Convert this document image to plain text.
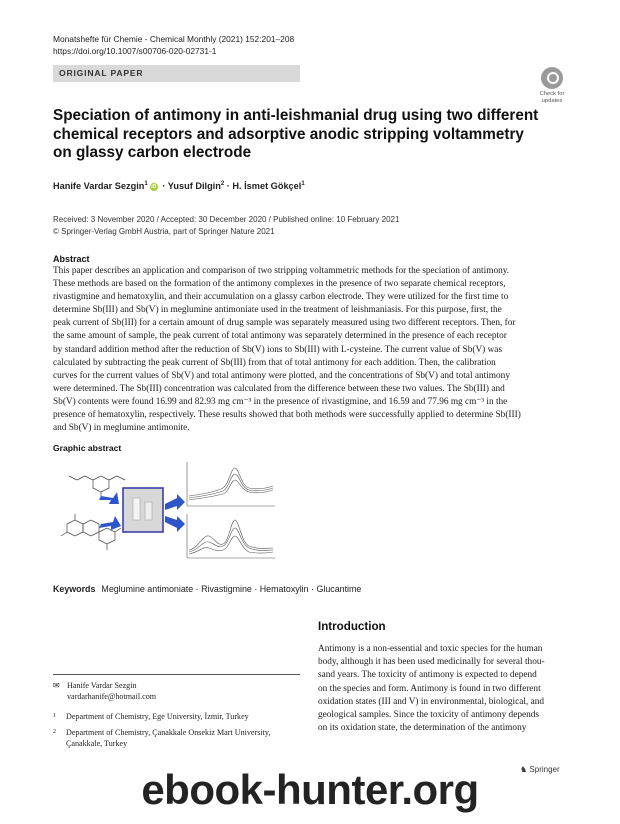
Monatshefte für Chemie - Chemical Monthly (2021) 152:201–208
https://doi.org/10.1007/s00706-020-02731-1
ORIGINAL PAPER
Check for
updates
Speciation of antimony in anti-leishmanial drug using two different
chemical receptors and adsorptive anodic stripping voltammetry
on glassy carbon electrode
Hanife Vardar Sezgin$^1$iD · Yusuf Dilgin$^2$ · H. İsmet Gökçel$^1$
Received: 3 November 2020 / Accepted: 30 December 2020 / Published online: 10 February 2021
© Springer-Verlag GmbH Austria, part of Springer Nature 2021
Abstract
This paper describes an application and comparison of two stripping voltammetric methods for the speciation of antimony.
These methods are based on the formation of the antimony complexes in the presence of two separate chemical receptors,
rivastigmine and hematoxylin, and their accumulation on a glassy carbon electrode. They were utilized for the first time to
determine Sb(III) and Sb(V) in meglumine antimoniate used in the treatment of leishmaniasis. For this purpose, first, the
peak current of Sb(III) for a certain amount of drug sample was separately measured using two different receptors. Then, for
the same amount of sample, the peak current of total antimony was separately determined in the presence of each receptor
by standard addition method after the reduction of Sb(V) ions to Sb(III) with L-cysteine. The current value of Sb(V) was
calculated by subtracting the peak current of Sb(III) from that of total antimony for each addition. Then, the calibration
curves for the current values of Sb(V) and total antimony were plotted, and the concentrations of Sb(V) and total antimony
were determined. The Sb(III) concentration was calculated from the difference between these two values. The Sb(III) and
Sb(V) contents were found 16.99 and 82.93 mg cm⁻³ in the presence of rivastigmine, and 16.59 and 77.96 mg cm⁻³ in the
presence of hematoxylin, respectively. These results showed that both methods were successfully applied to determine Sb(III)
and Sb(V) in meglumine antimonite.
Graphic abstract
Keywords Meglumine antimoniate · Rivastigmine · Hematoxylin · Glucantime
Introduction
Antimony is a non-essential and toxic species for the human
body, although it has been used medicinally for several thou-
sand years. The toxicity of antimony is expected to depend
on the species and form. Antimony is found in two different
oxidation states (III and V) in environmental, biological, and
geological samples. Since the toxicity of antimony depends
on its oxidation state, the determination of the antimony
✉ Hanife Vardar Sezgin
vardarhanife@hotmail.com
1 Department of Chemistry, Ege University, İzmir, Turkey
2 Department of Chemistry, Çanakkale Onsekiz Mart University, Çanakkale, Turkey
♞ Springer
ebook-hunter.org
